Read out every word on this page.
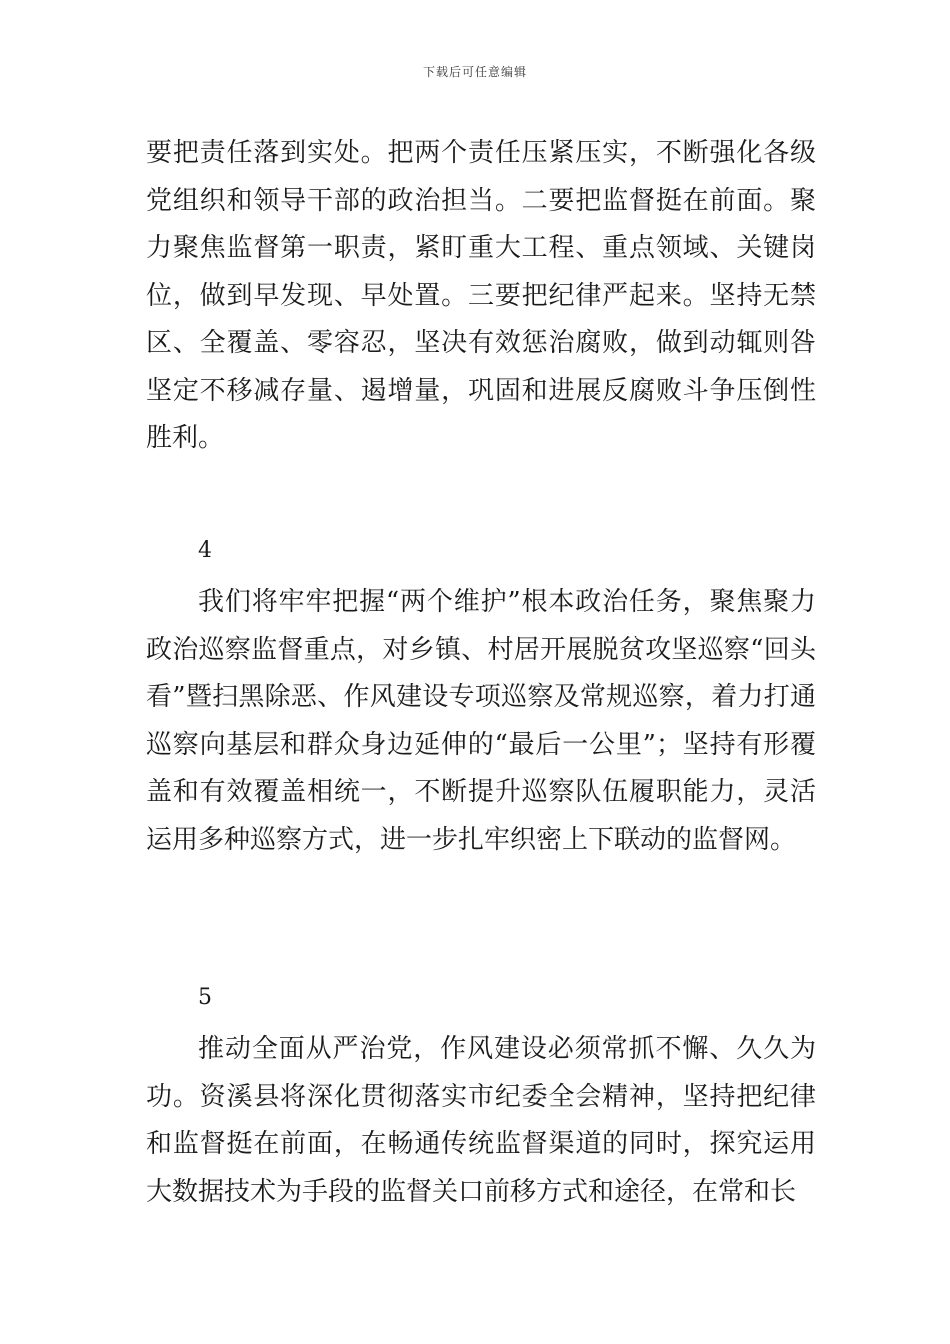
下载后可任意编辑

要把责任落到实处。把两个责任压紧压实，不断强化各级党组织和领导干部的政治担当。二要把监督挺在前面。聚力聚焦监督第一职责，紧盯重大工程、重点领域、关键岗位，做到早发现、早处置。三要把纪律严起来。坚持无禁区、全覆盖、零容忍，坚决有效惩治腐败，做到动辄则咎坚定不移减存量、遏增量，巩固和进展反腐败斗争压倒性胜利。

4

我们将牢牢把握“两个维护”根本政治任务，聚焦聚力政治巡察监督重点，对乡镇、村居开展脱贫攻坚巡察“回头看”暨扫黑除恶、作风建设专项巡察及常规巡察，着力打通巡察向基层和群众身边延伸的“最后一公里”；坚持有形覆盖和有效覆盖相统一，不断提升巡察队伍履职能力，灵活运用多种巡察方式，进一步扎牢织密上下联动的监督网。

5

推动全面从严治党，作风建设必须常抓不懈、久久为功。资溪县将深化贯彻落实市纪委全会精神，坚持把纪律和监督挺在前面，在畅通传统监督渠道的同时，探究运用大数据技术为手段的监督关口前移方式和途径，在常和长
